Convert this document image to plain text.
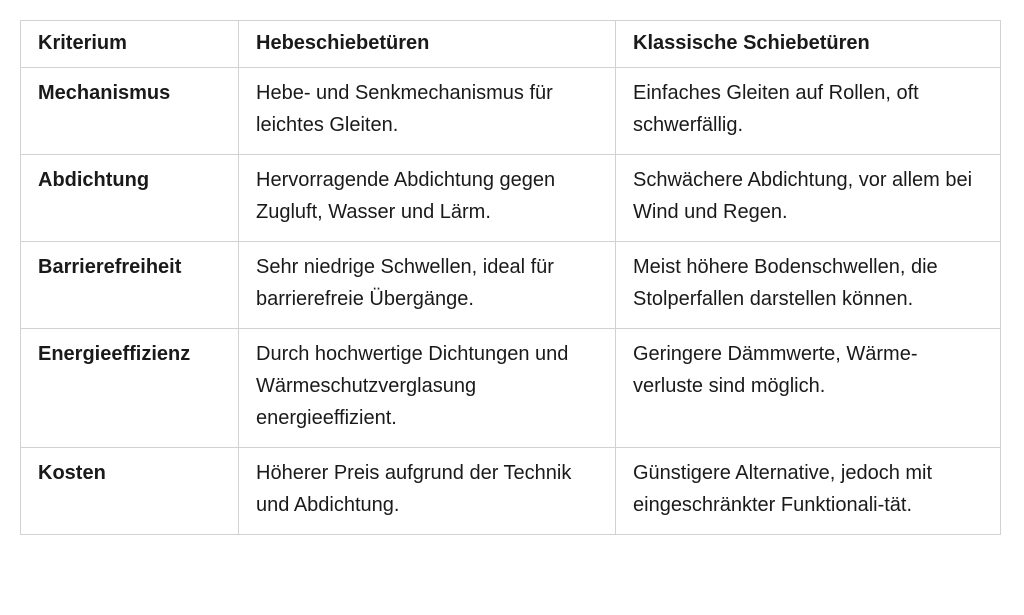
Kriterium	Hebeschiebetüren	Klassische Schiebetüren
Mechanismus	Hebe- und Senkmechanismus für leichtes Gleiten.	Einfaches Gleiten auf Rollen, oft schwerfällig.
Abdichtung	Hervorragende Abdichtung gegen Zugluft, Wasser und Lärm.	Schwächere Abdichtung, vor allem bei Wind und Regen.
Barrierefreiheit	Sehr niedrige Schwellen, ideal für barrierefreie Übergänge.	Meist höhere Bodenschwellen, die Stolperfallen darstellen können.
Energieeffizienz	Durch hochwertige Dichtungen und Wärmeschutzverglasung energieeffizient.	Geringere Dämmwerte, Wärme-verluste sind möglich.
Kosten	Höherer Preis aufgrund der Technik und Abdichtung.	Günstigere Alternative, jedoch mit eingeschränkter Funktionali-tät.
